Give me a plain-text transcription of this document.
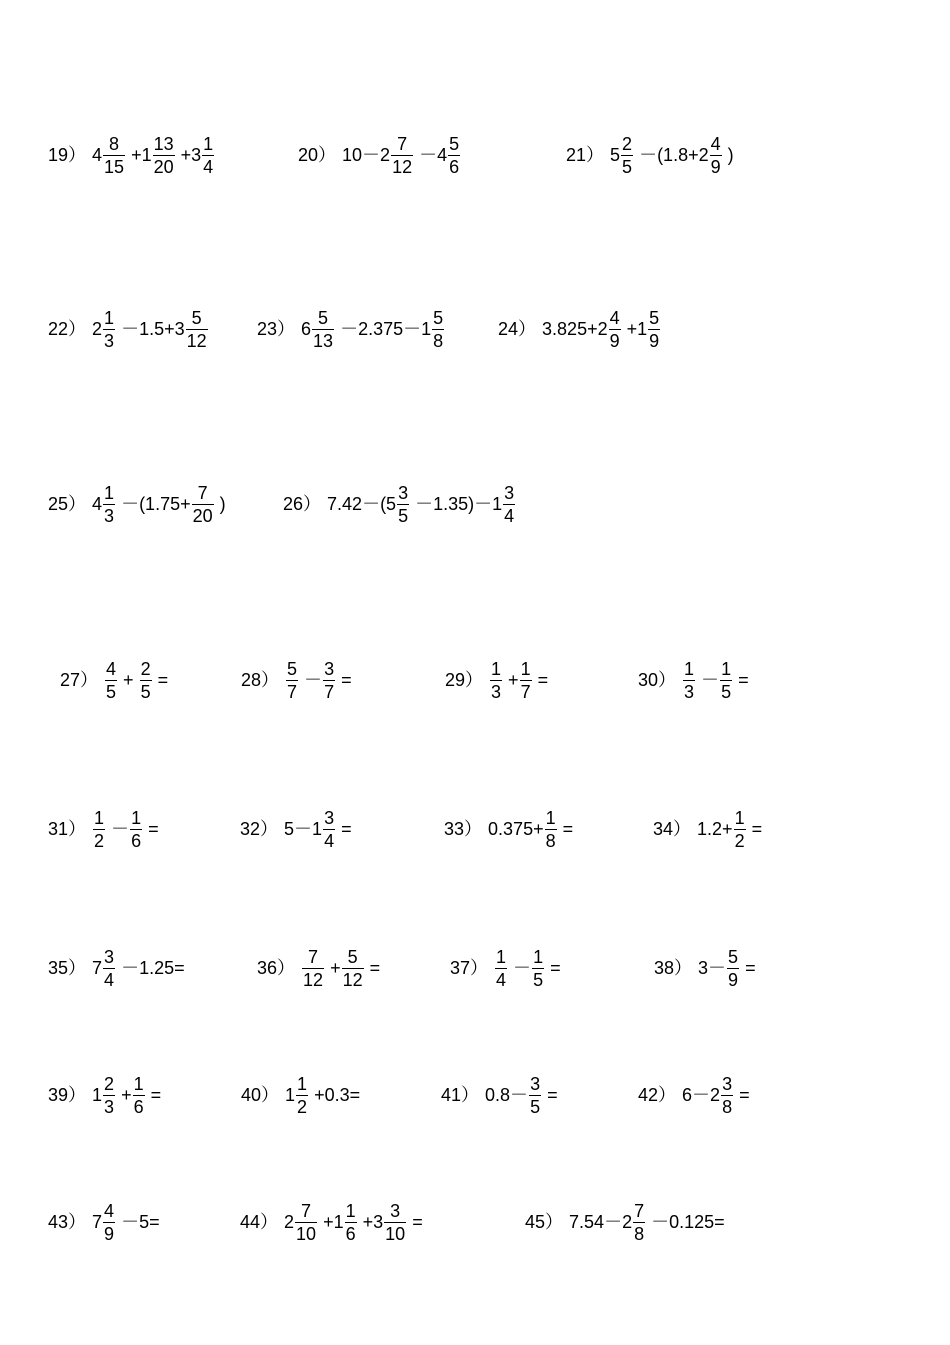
19） $4 \frac{8}{15} +1 \frac{13}{20} +3 \frac{1}{4}$	20） $10-2 \frac{7}{12} -4 \frac{5}{6}$	21） $5 \frac{2}{5} -(1.8+2 \frac{4}{9}$ )
22） $2 \frac{1}{3} -1.5+3 \frac{5}{12}$	23） $6 \frac{5}{13} -2.375-1 \frac{5}{8}$	24） $3.825+2 \frac{4}{9} +1 \frac{5}{9}$
25） $4 \frac{1}{3} -(1.75+ \frac{7}{20}$ )	26） $7.42-(5 \frac{3}{5} -1.35)-1 \frac{3}{4}$
$27) \frac{4}{5} + \frac{2}{5}$ =	$28) \frac{5}{7} - \frac{3}{7}$ =	$29) \frac{1}{3} + \frac{1}{7}$ =	$30) \frac{1}{3} - \frac{1}{5}$ =
$31) \frac{1}{2} - \frac{1}{6}$ =	32） $5-1 \frac{3}{4}$ =	33） $0.375+ \frac{1}{8}$ =	34） $1.2+ \frac{1}{2}$ =
35） $7 \frac{3}{4} -1.25=$	$36) \frac{7}{12} + \frac{5}{12}$ =	$37) \frac{1}{4} - \frac{1}{5}$ =	38） $3- \frac{5}{9}$ =
39） $1 \frac{2}{3} + \frac{1}{6}$ =	40） $1 \frac{1}{2} +0.3=$	41） $0.8- \frac{3}{5}$ =	42） $6-2 \frac{3}{8}$ =
43） $7 \frac{4}{9} -5=$	44） $2 \frac{7}{10} +1 \frac{1}{6} +3 \frac{3}{10}$ =	45） $7.54-2 \frac{7}{8} -0.125=$
